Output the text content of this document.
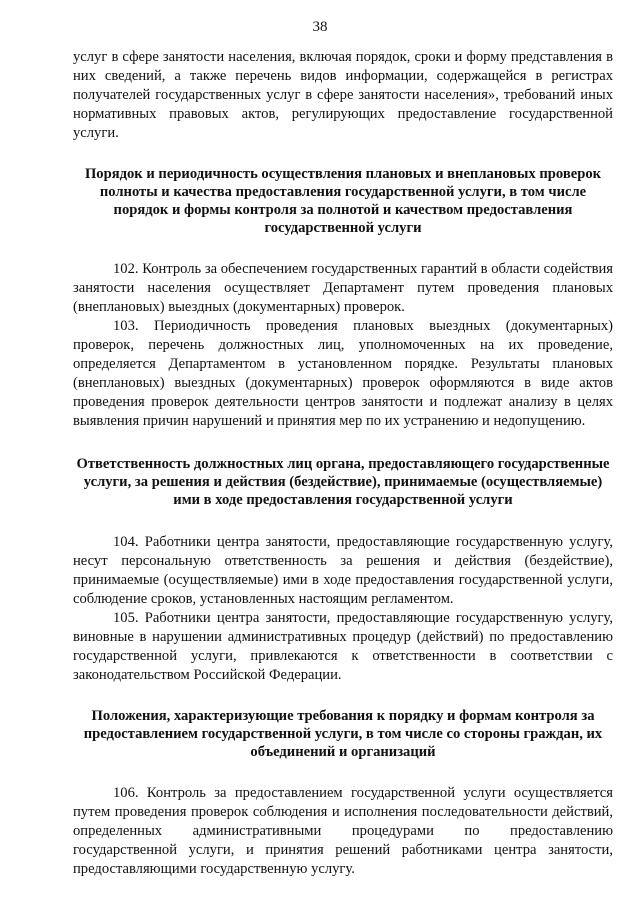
38

услуг в сфере занятости населения, включая порядок, сроки и форму представления в них сведений, а также перечень видов информации, содержащейся в регистрах получателей государственных услуг в сфере занятости населения», требований иных нормативных правовых актов, регулирующих предоставление государственной услуги.

Порядок и периодичность осуществления плановых и внеплановых проверок полноты и качества предоставления государственной услуги, в том числе порядок и формы контроля за полнотой и качеством предоставления государственной услуги

102. Контроль за обеспечением государственных гарантий в области содействия занятости населения осуществляет Департамент путем проведения плановых (внеплановых) выездных (документарных) проверок.

103. Периодичность проведения плановых выездных (документарных) проверок, перечень должностных лиц, уполномоченных на их проведение, определяется Департаментом в установленном порядке. Результаты плановых (внеплановых) выездных (документарных) проверок оформляются в виде актов проведения проверок деятельности центров занятости и подлежат анализу в целях выявления причин нарушений и принятия мер по их устранению и недопущению.

Ответственность должностных лиц органа, предоставляющего государственные услуги, за решения и действия (бездействие), принимаемые (осуществляемые) ими в ходе предоставления государственной услуги

104. Работники центра занятости, предоставляющие государственную услугу, несут персональную ответственность за решения и действия (бездействие), принимаемые (осуществляемые) ими в ходе предоставления государственной услуги, соблюдение сроков, установленных настоящим регламентом.

105. Работники центра занятости, предоставляющие государственную услугу, виновные в нарушении административных процедур (действий) по предоставлению государственной услуги, привлекаются к ответственности в соответствии с законодательством Российской Федерации.

Положения, характеризующие требования к порядку и формам контроля за предоставлением государственной услуги, в том числе со стороны граждан, их объединений и организаций

106. Контроль за предоставлением государственной услуги осуществляется путем проведения проверок соблюдения и исполнения последовательности действий, определенных административными процедурами по предоставлению государственной услуги, и принятия решений работниками центра занятости, предоставляющими государственную услугу.
